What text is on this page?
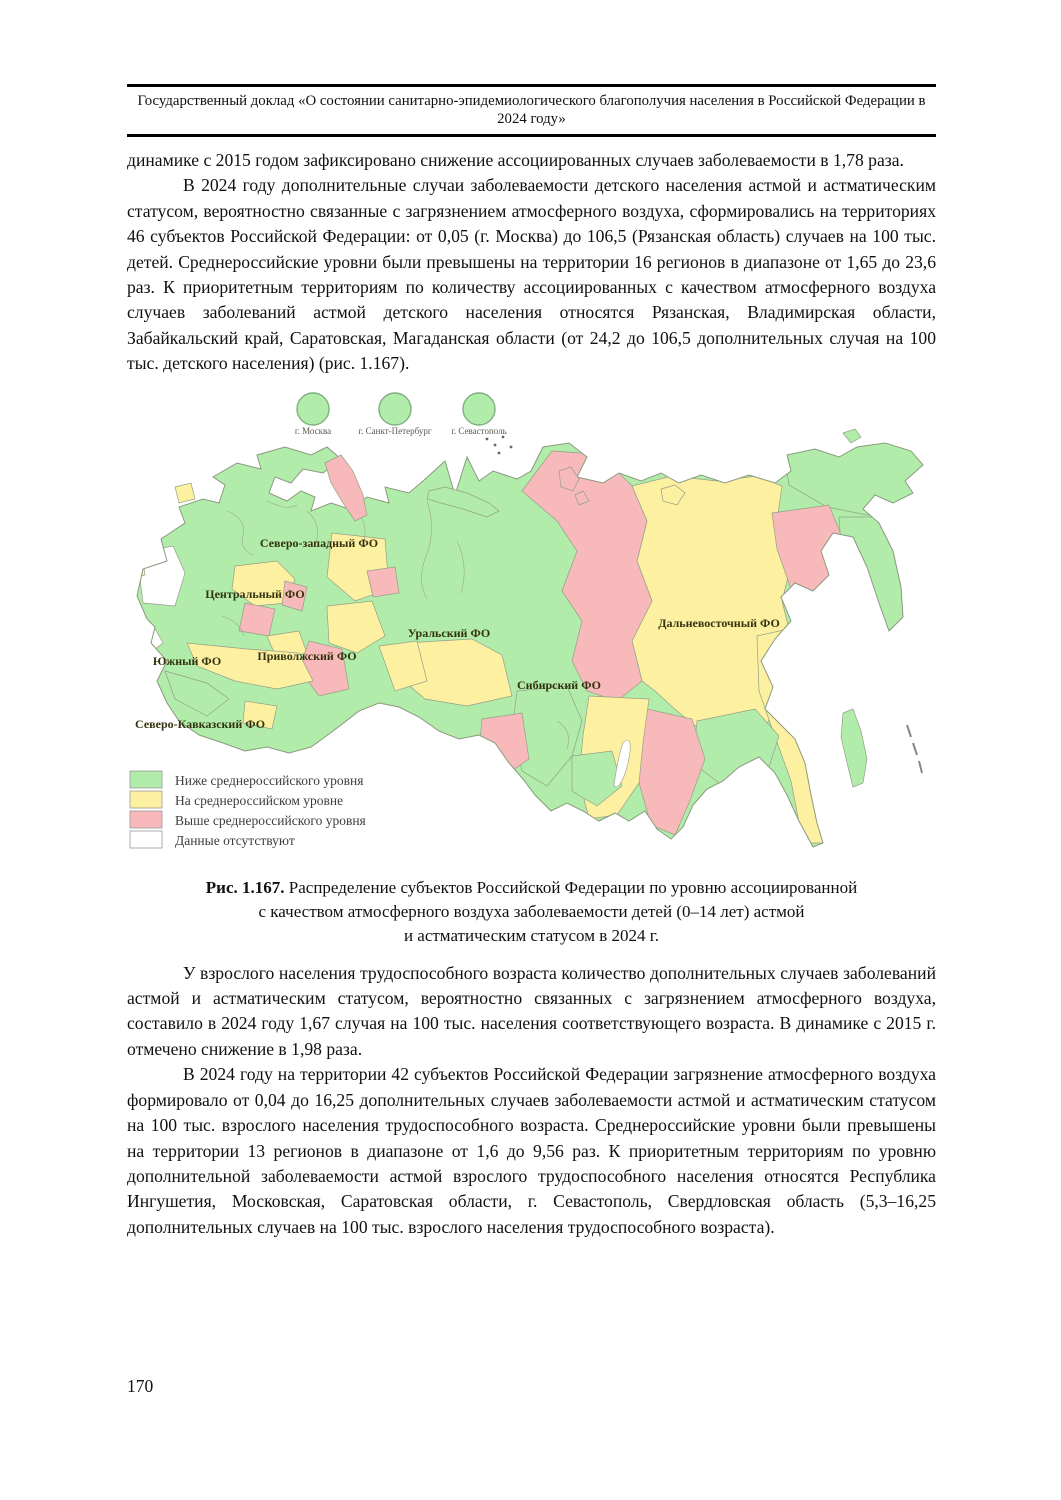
Государственный доклад «О состоянии санитарно-эпидемиологического благополучия населения в Российской Федерации в 2024 году»

динамике с 2015 годом зафиксировано снижение ассоциированных случаев заболеваемости в 1,78 раза.

В 2024 году дополнительные случаи заболеваемости детского населения астмой и астматическим статусом, вероятностно связанные с загрязнением атмосферного воздуха, сформировались на территориях 46 субъектов Российской Федерации: от 0,05 (г. Москва) до 106,5 (Рязанская область) случаев на 100 тыс. детей. Среднероссийские уровни были превышены на территории 16 регионов в диапазоне от 1,65 до 23,6 раз. К приоритетным территориям по количеству ассоциированных с качеством атмосферного воздуха случаев заболеваний астмой детского населения относятся Рязанская, Владимирская области, Забайкальский край, Саратовская, Магаданская области (от 24,2 до 106,5 дополнительных случая на 100 тыс. детского населения) (рис. 1.167).

г. Москва	г. Санкт-Петербург г. Севастополь
Северо-западный ФО
Центральный ФО
Южный ФО
Северо-Кавказский ФО
Приволжский ФО
Уральский ФО
Сибирский ФО
Дальневосточный ФО
Ниже среднероссийского уровня
На среднероссийском уровне
Выше среднероссийского уровня
Данные отсутствуют
Рис. 1.167. Распределение субъектов Российской Федерации по уровню ассоциированной
с качеством атмосферного воздуха заболеваемости детей (0–14 лет) астмой
и астматическим статусом в 2024 г.

У взрослого населения трудоспособного возраста количество дополнительных случаев заболеваний астмой и астматическим статусом, вероятностно связанных с загрязнением атмосферного воздуха, составило в 2024 году 1,67 случая на 100 тыс. населения соответствующего возраста. В динамике с 2015 г. отмечено снижение в 1,98 раза.

В 2024 году на территории 42 субъектов Российской Федерации загрязнение атмосферного воздуха формировало от 0,04 до 16,25 дополнительных случаев заболеваемости астмой и астматическим статусом на 100 тыс. взрослого населения трудоспособного возраста. Среднероссийские уровни были превышены на территории 13 регионов в диапазоне от 1,6 до 9,56 раз. К приоритетным территориям по уровню дополнительной заболеваемости астмой взрослого трудоспособного населения относятся Республика Ингушетия, Московская, Саратовская области, г. Севастополь, Свердловская область (5,3–16,25 дополнительных случаев на 100 тыс. взрослого населения трудоспособного возраста).

170
